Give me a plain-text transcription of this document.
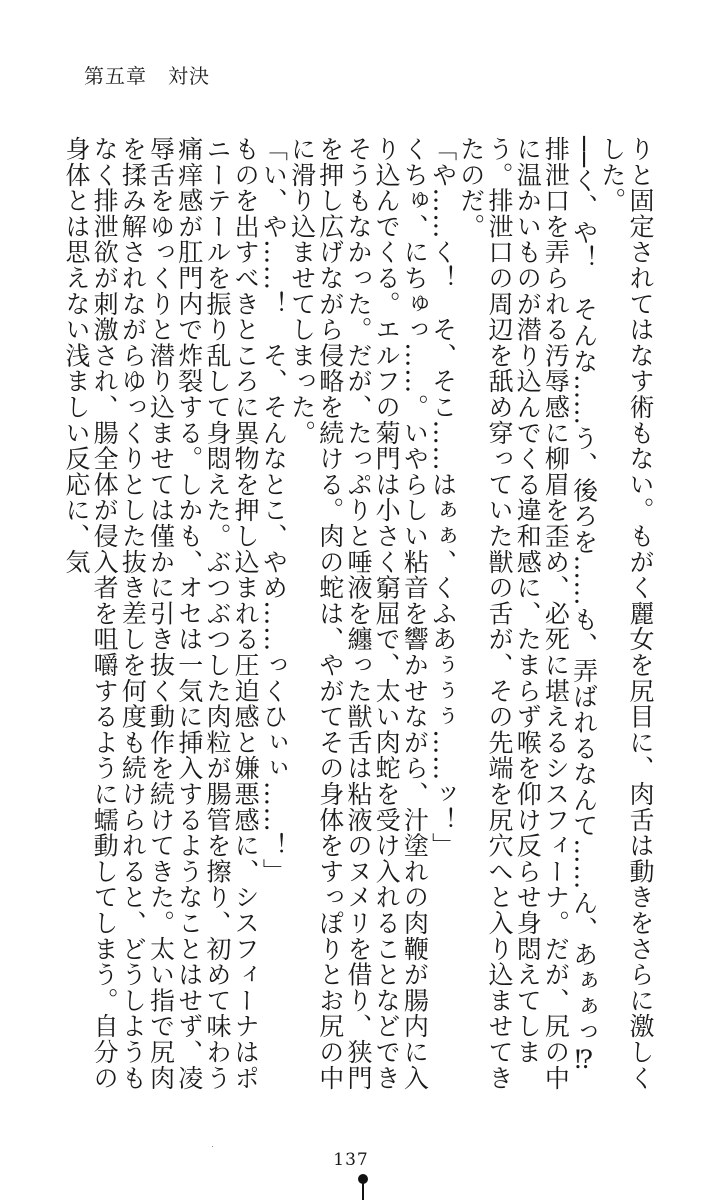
第五章　対決

りと固定されてはなす術もない。もがく麗女を尻目に、肉舌は動きをさらに激しくした。

──く、や！　そんな……う、後ろを……も、弄ばれるなんて……ん、あぁぁっ⁉

排泄口を弄られる汚辱感に柳眉を歪め、必死に堪えるシスフィーナ。だが、尻の中に温かいものが潜り込んでくる違和感に、たまらず喉を仰け反らせ身悶えてしまう。排泄口の周辺を舐め穿っていた獣の舌が、その先端を尻穴へと入り込ませてきたのだ。

「や……く！　そ、そこ……はぁぁ、くふあぅぅぅ……ッ！」

くちゅ、にちゅっ……。いやらしい粘音を響かせながら、汁塗れの肉鞭が腸内に入り込んでくる。エルフの菊門は小さく窮屈で、太い肉蛇を受け入れることなどできそうもなかった。だが、たっぷりと唾液を纏った獣舌は粘液のヌメリを借り、狭門を押し広げながら侵略を続ける。肉の蛇は、やがてその身体をすっぽりとお尻の中に滑り込ませてしまった。

「い、や……！　そ、そんなとこ、やめ……っくひぃぃ……！」

ものを出すべきところに異物を押し込まれる圧迫感と嫌悪感に、シスフィーナはポニーテールを振り乱して身悶えた。ぶつぶつした肉粒が腸管を擦り、初めて味わう痛痒感が肛門内で炸裂する。しかも、オセは一気に挿入するようなことはせず、凌辱舌をゆっくりと潜り込ませては僅かに引き抜く動作を続けてきた。太い指で尻肉を揉み解されながらゆっくりとした抜き差しを何度も続けられると、どうしようもなく排泄欲が刺激され、腸全体が侵入者を咀嚼するように蠕動してしまう。自分の身体とは思えない浅ましい反応に、気

137
